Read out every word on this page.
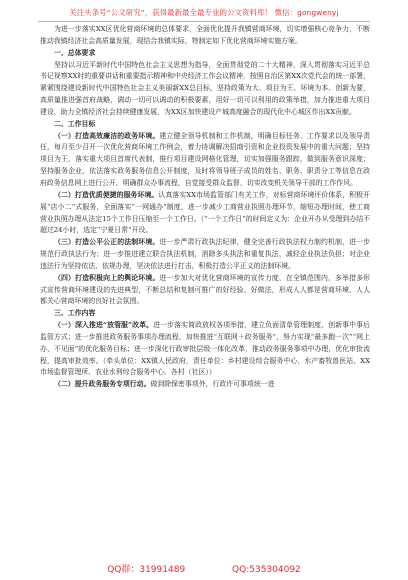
关注头条号“公文研究”，获得最新最全最专业的公文资料库！ 微信：gongwenyj

为进一步落实XX区优化营商环境的总体要求，全面优化提升我镇营商环境，切实增强核心竞争力，不断推动我镇经济社会高质量发展，现结合我镇实际，特制定如下优化营商环境实施方案。

一、总体要求

坚持以习近平新时代中国特色社会主义思想为指导，全面贯彻党的二十大精神，深入贯彻落实习近平总书记视察XX时的重要讲话和重要指示精神和中央经济工作会议精神，按照自治区第XX次党代会的统一部署，紧紧围绕建设新时代中国特色社会主义美丽新XX总目标，坚持政策为大、项目为王、环境为本、创新为要，高质量推进强首府战略，调动一切可以调动的积极要素，用好一切可以利用的政策举措，加力推进重大项目建设，助力全镇经济社会持续健康发展，为XX区加快建设产城高度融合的现代化中心城区作出XX贡献。

二、工作目标

（一）打造高效廉洁的政务环境。建立健全领导机制和工作机制，明确目标任务、工作要求以及领导责任，每月至少召开一次优化营商环境工作例会，着力协调解决招商引资和企业投资发展中的重大问题；坚持项目为王，落实重大项目首席代表制，推行项目建设网格化管理，切实加强服务跟踪，做到服务意识深度；坚持服务企业，依法落实政务服务信息公开制度，及时将领导班子成员的姓名、职务、职责分工等信息在政府政务信息网上进行公开，明确群众办事流程，自觉接受群众监督，切实改变机关领导干部的工作作风。

（二）打造优质便捷的服务环境。认真落实XX市场监管部门有关工作，对标营商环境评价体系，积极开展“店小二”式服务，全面落实“一网通办”制度，进一步减少工商营业执照办理环节，缩短办理时间，使工商营业执照办理从法定15个工作日压缩至一个工作日。（“一个工作日”的时间定义为：企业开办从受理到办结不超过24小时，选定“宁夏日常”开设。

（三）打造公平公正的法制环境。进一步严肃行政执法纪律，健全完善行政执法权力制约机制，进一步规范行政执法行为；进一步推进建立联合执法机制，消除多头执法和重复执法，减轻企业执法负担；对企业违法行为坚持依法、依规办理，坚决依法进行打击，积极打造公平正义的法制环境。

（四）打造积极向上的舆论环境。进一步加大对优化营商环境的宣传力度，在全镇范围内，多举措多形式宣传营商环境建设的先进典型，不断总结和复制可推广的好经验、好做法，形成人人都是营商环境、人人都关心营商环境的良好社会氛围。

三、工作内容

（一）深入推进“放管服”改革。进一步落实简政放权各项举措，建立负面清单管理制度，创新事中事后监管方式；进一步推进政务服务事项办理流程，加快推进“互联网＋政务服务”，努力实现“最多跑一次”“网上办、不见面”的优化服务目标；进一步深化行政审批层级一体化改革，推动政务服务事项中办理，优化审批流程，提高审批效率。（牵头单位：XX镇人民政府，责任单位：乡村建设综合服务中心、水产畜牧兽医站、XX市场监督管理所、农业水利综合服务中心、各村（社区））

（二）提升政务服务专项行动。做到除保密事项外，行政许可事项统一进

QQ群：31991489	QQ:535304092
